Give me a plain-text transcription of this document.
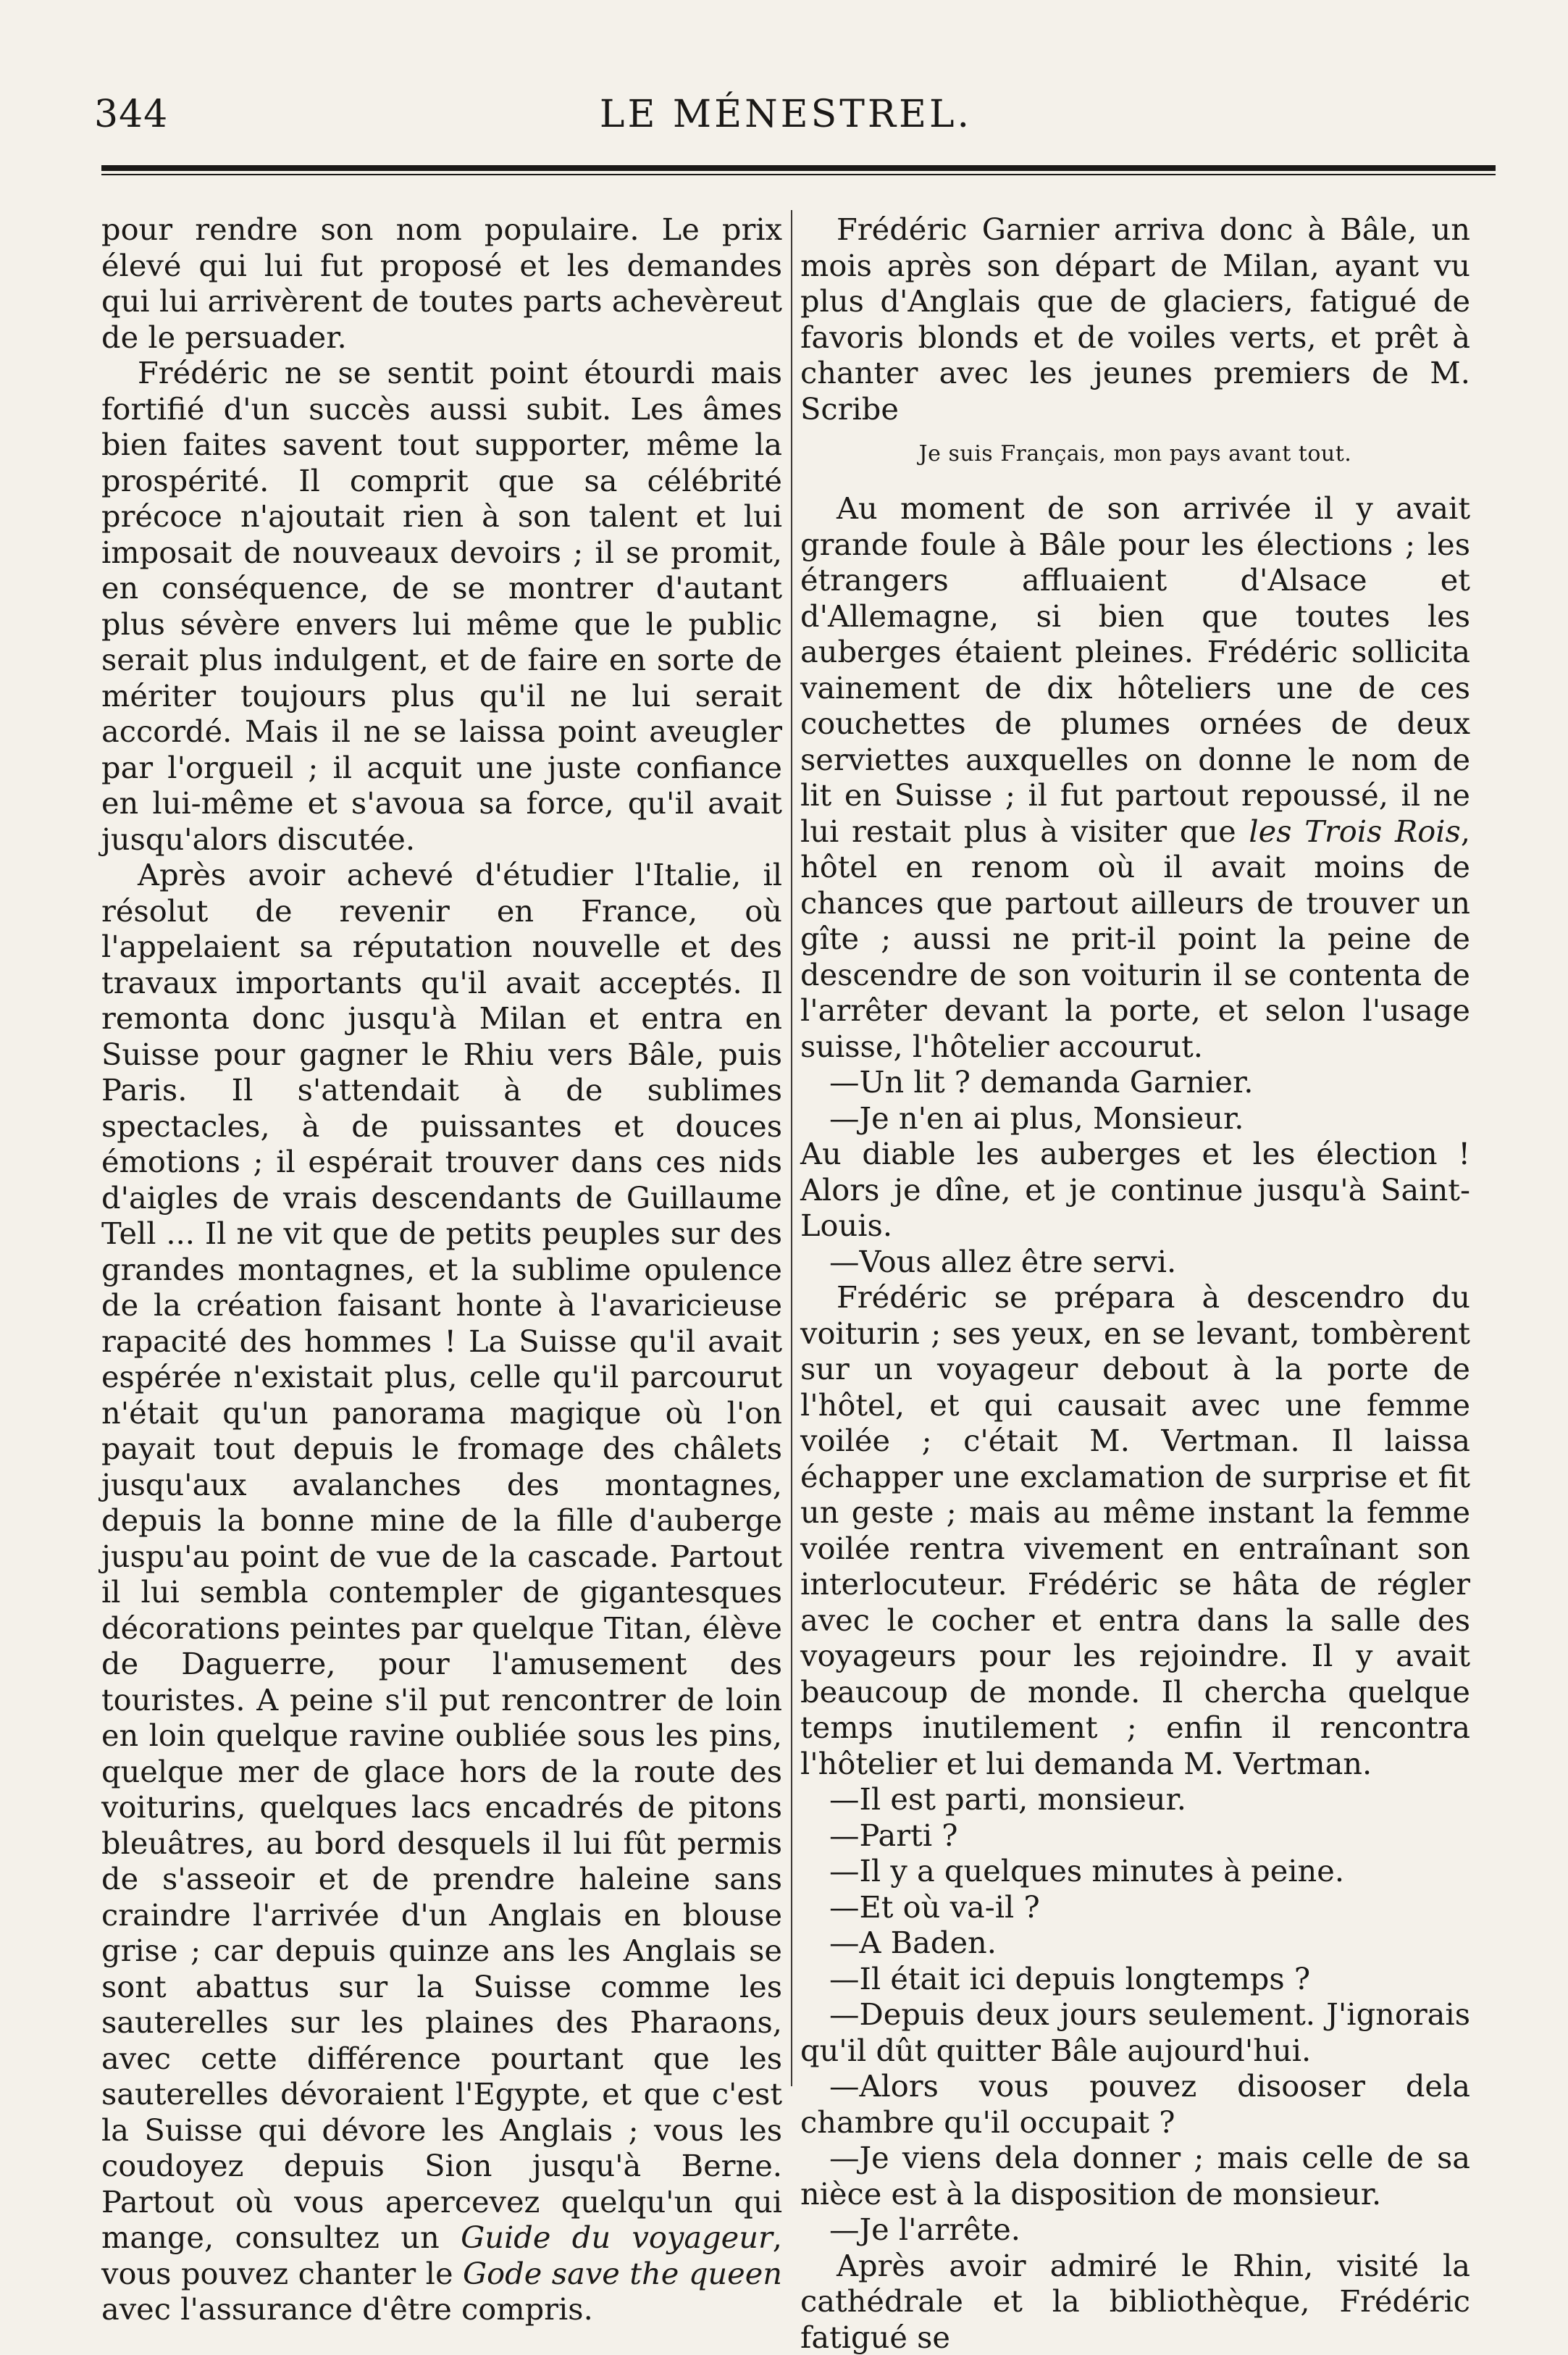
344	LE MÉNESTREL.

pour rendre son nom populaire. Le prix élevé qui lui fut proposé et les demandes qui lui arrivèrent de toutes parts achevèreut de le persuader.

Frédéric ne se sentit point étourdi mais fortifié d'un succès aussi subit. Les âmes bien faites savent tout supporter, même la prospérité. Il comprit que sa célébrité précoce n'ajoutait rien à son talent et lui imposait de nouveaux devoirs ; il se promit, en conséquence, de se montrer d'autant plus sévère envers lui même que le public serait plus indulgent, et de faire en sorte de mériter toujours plus qu'il ne lui serait accordé. Mais il ne se laissa point aveugler par l'orgueil ; il acquit une juste confiance en lui-même et s'avoua sa force, qu'il avait jusqu'alors discutée.

Après avoir achevé d'étudier l'Italie, il résolut de revenir en France, où l'appelaient sa réputation nouvelle et des travaux importants qu'il avait acceptés. Il remonta donc jusqu'à Milan et entra en Suisse pour gagner le Rhiu vers Bâle, puis Paris. Il s'attendait à de sublimes spectacles, à de puissantes et douces émotions ; il espérait trouver dans ces nids d'aigles de vrais descendants de Guillaume Tell ... Il ne vit que de petits peuples sur des grandes montagnes, et la sublime opulence de la création faisant honte à l'avaricieuse rapacité des hommes ! La Suisse qu'il avait espérée n'existait plus, celle qu'il parcourut n'était qu'un panorama magique où l'on payait tout depuis le fromage des châlets jusqu'aux avalanches des montagnes, depuis la bonne mine de la fille d'auberge juspu'au point de vue de la cascade. Partout il lui sembla contempler de gigantesques décorations peintes par quelque Titan, élève de Daguerre, pour l'amusement des touristes. A peine s'il put rencontrer de loin en loin quelque ravine oubliée sous les pins, quelque mer de glace hors de la route des voiturins, quelques lacs encadrés de pitons bleuâtres, au bord desquels il lui fût permis de s'asseoir et de prendre haleine sans craindre l'arrivée d'un Anglais en blouse grise ; car depuis quinze ans les Anglais se sont abattus sur la Suisse comme les sauterelles sur les plaines des Pharaons, avec cette différence pourtant que les sauterelles dévoraient l'Egypte, et que c'est la Suisse qui dévore les Anglais ; vous les coudoyez depuis Sion jusqu'à Berne. Partout où vous apercevez quelqu'un qui mange, consultez un Guide du voyageur, vous pouvez chanter le Gode save the queen avec l'assurance d'être compris.

Frédéric Garnier arriva donc à Bâle, un mois après son départ de Milan, ayant vu plus d'Anglais que de glaciers, fatigué de favoris blonds et de voiles verts, et prêt à chanter avec les jeunes premiers de M. Scribe

Je suis Français, mon pays avant tout.

Au moment de son arrivée il y avait grande foule à Bâle pour les élections ; les étrangers affluaient d'Alsace et d'Allemagne, si bien que toutes les auberges étaient pleines. Frédéric sollicita vainement de dix hôteliers une de ces couchettes de plumes ornées de deux serviettes auxquelles on donne le nom de lit en Suisse ; il fut partout repoussé, il ne lui restait plus à visiter que les Trois Rois, hôtel en renom où il avait moins de chances que partout ailleurs de trouver un gîte ; aussi ne prit-il point la peine de descendre de son voiturin il se contenta de l'arrêter devant la porte, et selon l'usage suisse, l'hôtelier accourut.

—Un lit ? demanda Garnier.

—Je n'en ai plus, Monsieur.

Au diable les auberges et les élection ! Alors je dîne, et je continue jusqu'à Saint-Louis.

—Vous allez être servi.

Frédéric se prépara à descendro du voiturin ; ses yeux, en se levant, tombèrent sur un voyageur debout à la porte de l'hôtel, et qui causait avec une femme voilée ; c'était M. Vertman. Il laissa échapper une exclamation de surprise et fit un geste ; mais au même instant la femme voilée rentra vivement en entraînant son interlocuteur. Frédéric se hâta de régler avec le cocher et entra dans la salle des voyageurs pour les rejoindre. Il y avait beaucoup de monde. Il chercha quelque temps inutilement ; enfin il rencontra l'hôtelier et lui demanda M. Vertman.

—Il est parti, monsieur.

—Parti ?

—Il y a quelques minutes à peine.

—Et où va-il ?

—A Baden.

—Il était ici depuis longtemps ?

—Depuis deux jours seulement. J'ignorais qu'il dût quitter Bâle aujourd'hui.

—Alors vous pouvez disooser dela chambre qu'il occupait ?

—Je viens dela donner ; mais celle de sa nièce est à la disposition de monsieur.

—Je l'arrête.

Après avoir admiré le Rhin, visité la cathédrale et la bibliothèque, Frédéric fatigué se
